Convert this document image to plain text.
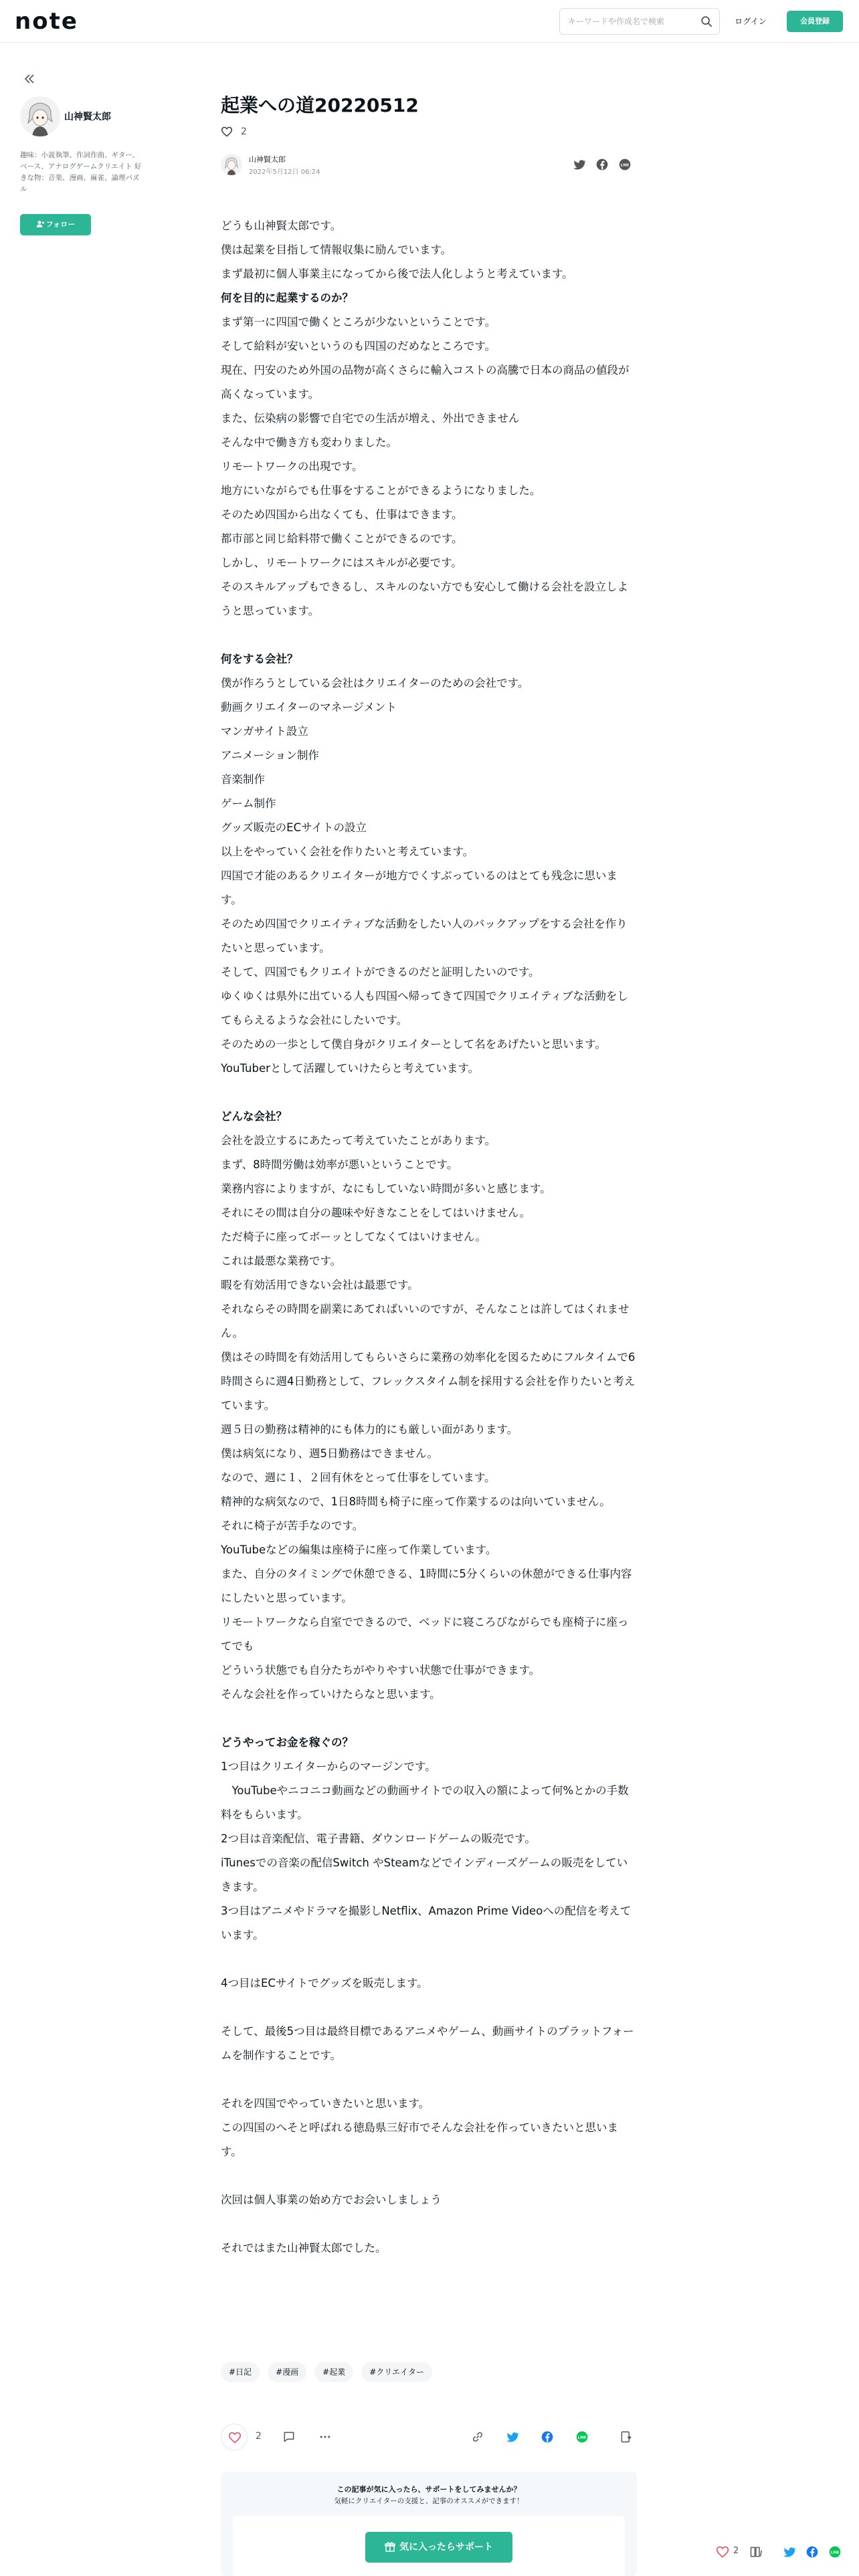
note
キーワードや作成名で検索	ログイン	会員登録
山神賢太郎
趣味：小説執筆、作詞作曲、ギター、ベース、アナログゲームクリエイト 好きな物：音楽、漫画、麻雀、論理パズル
フォロー
起業への道20220512
2
山神賢太郎
2022年5月12日 06:24
LINE

どうも山神賢太郎です。

僕は起業を目指して情報収集に励んでいます。

まず最初に個人事業主になってから後で法人化しようと考えています。

何を目的に起業するのか？

まず第一に四国で働くところが少ないということです。

そして給料が安いというのも四国のだめなところです。

現在、円安のため外国の品物が高くさらに輸入コストの高騰で日本の商品の値段が高くなっています。

また、伝染病の影響で自宅での生活が増え、外出できません

そんな中で働き方も変わりました。

リモートワークの出現です。

地方にいながらでも仕事をすることができるようになりました。

そのため四国から出なくても、仕事はできます。

都市部と同じ給料帯で働くことができるのです。

しかし、リモートワークにはスキルが必要です。

そのスキルアップもできるし、スキルのない方でも安心して働ける会社を設立しようと思っています。

何をする会社？

僕が作ろうとしている会社はクリエイターのための会社です。

動画クリエイターのマネージメント

マンガサイト設立

アニメーション制作

音楽制作

ゲーム制作

グッズ販売のECサイトの設立

以上をやっていく会社を作りたいと考えています。

四国で才能のあるクリエイターが地方でくすぶっているのはとても残念に思います。

そのため四国でクリエイティブな活動をしたい人のバックアップをする会社を作りたいと思っています。

そして、四国でもクリエイトができるのだと証明したいのです。

ゆくゆくは県外に出ている人も四国へ帰ってきて四国でクリエイティブな活動をしてもらえるような会社にしたいです。

そのための一歩として僕自身がクリエイターとして名をあげたいと思います。

YouTuberとして活躍していけたらと考えています。

どんな会社？

会社を設立するにあたって考えていたことがあります。

まず、8時間労働は効率が悪いということです。

業務内容によりますが、なにもしていない時間が多いと感じます。

それにその間は自分の趣味や好きなことをしてはいけません。

ただ椅子に座ってボーッとしてなくてはいけません。

これは最悪な業務です。

暇を有効活用できない会社は最悪です。

それならその時間を副業にあてればいいのですが、そんなことは許してはくれません。

僕はその時間を有効活用してもらいさらに業務の効率化を図るためにフルタイムで6時間さらに週4日勤務として、フレックスタイム制を採用する会社を作りたいと考えています。

週５日の勤務は精神的にも体力的にも厳しい面があります。

僕は病気になり、週5日勤務はできません。

なので、週に１、２回有休をとって仕事をしています。

精神的な病気なので、1日8時間も椅子に座って作業するのは向いていません。

それに椅子が苦手なのです。

YouTubeなどの編集は座椅子に座って作業しています。

また、自分のタイミングで休憩できる、1時間に5分くらいの休憩ができる仕事内容にしたいと思っています。

リモートワークなら自室でできるので、ベッドに寝ころびながらでも座椅子に座ってでも

どういう状態でも自分たちがやりやすい状態で仕事ができます。

そんな会社を作っていけたらなと思います。

どうやってお金を稼ぐの？

1つ目はクリエイターからのマージンです。

　YouTubeやニコニコ動画などの動画サイトでの収入の額によって何%とかの手数料をもらいます。

2つ目は音楽配信、電子書籍、ダウンロードゲームの販売です。

iTunesでの音楽の配信Switch やSteamなどでインディーズゲームの販売をしていきます。

3つ目はアニメやドラマを撮影しNetflix、Amazon Prime Videoへの配信を考えています。

4つ目はECサイトでグッズを販売します。

そして、最後5つ目は最終目標であるアニメやゲーム、動画サイトのプラットフォームを制作することです。

それを四国でやっていきたいと思います。

この四国のへそと呼ばれる徳島県三好市でそんな会社を作っていきたいと思います。

次回は個人事業の始め方でお会いしましょう

それではまた山神賢太郎でした。

#日記	#漫画	#起業	#クリエイター
2	LINE
この記事が気に入ったら、サポートをしてみませんか？
気軽にクリエイターの支援と、記事のオススメができます！
気に入ったらサポート	2	LINE
